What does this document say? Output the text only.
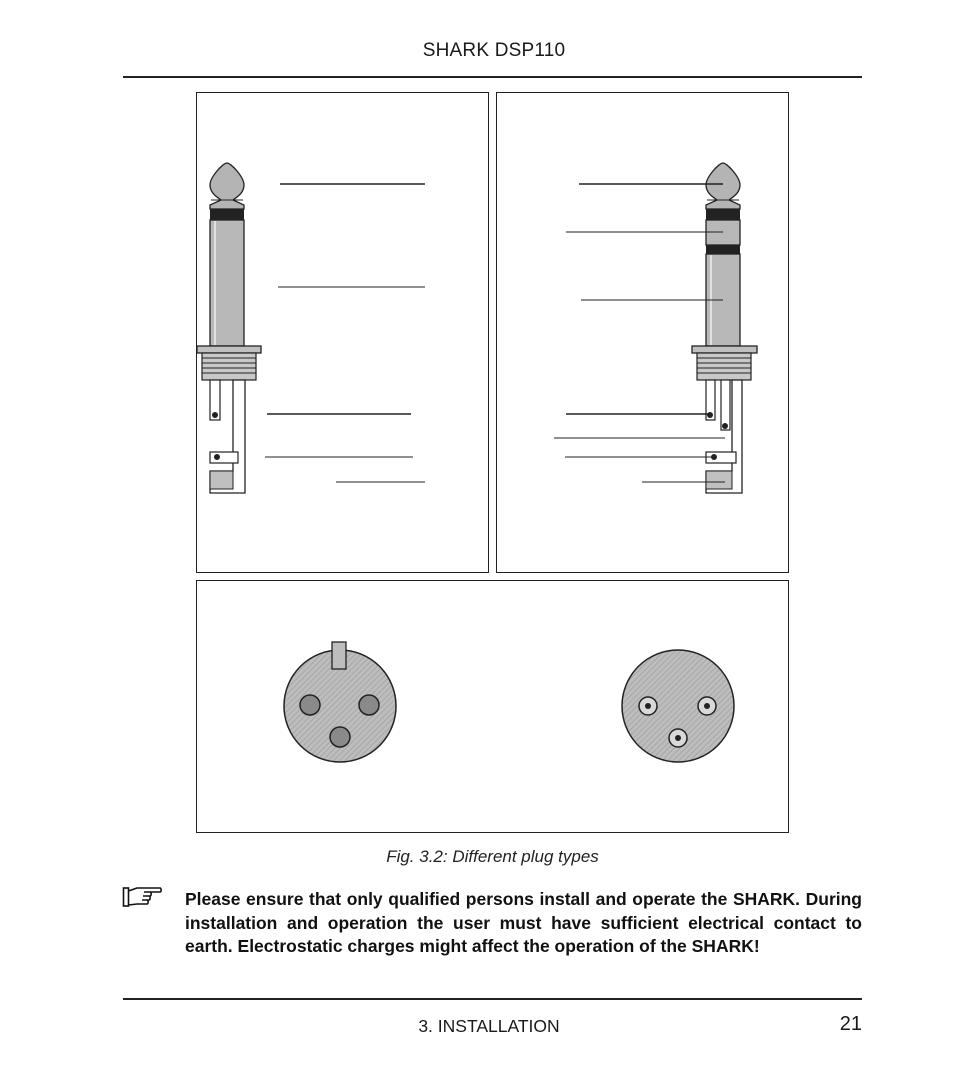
SHARK DSP110
Fig. 3.2: Different plug types
Please ensure that only qualified persons install and operate the SHARK. During installation and operation the user must have sufficient electrical contact to earth. Electrostatic charges might affect the operation of the SHARK!
3. INSTALLATION	21
